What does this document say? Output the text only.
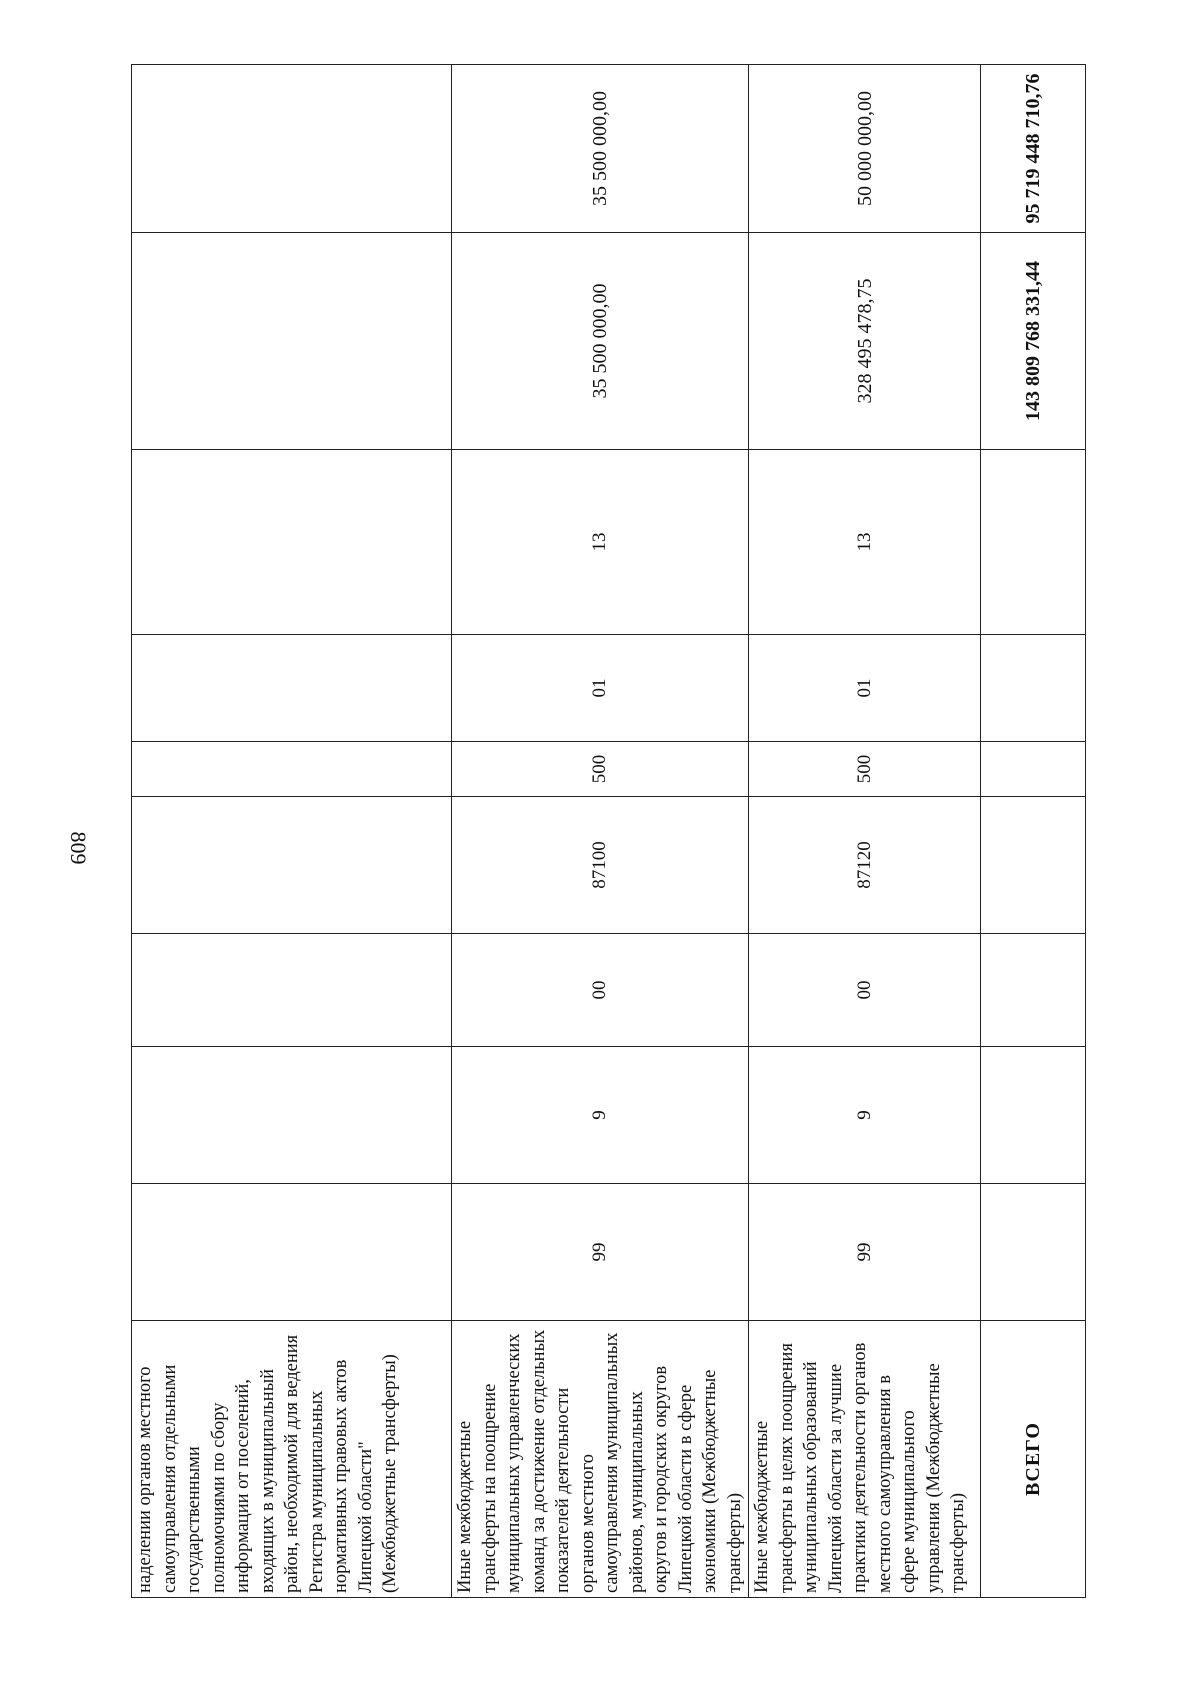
809
наделении органов местного самоуправления отдельными государственными полномочиями по сбору информации от поселений, входящих в муниципальный район, необходимой для ведения Регистра муниципальных нормативных правовых актов Липецкой области" (Межбюджетные трансферты)										
Иные межбюджетные трансферты на поощрение муниципальных управленческих команд за достижение отдельных показателей деятельности органов местного самоуправления муниципальных районов, муниципальных округов и городских округов Липецкой области в сфере экономики (Межбюджетные трансферты)	99	9	00	87100	500	01	13	35 500 000,00	35 500 000,00	
Иные межбюджетные трансферты в целях поощрения муниципальных образований Липецкой области за лучшие практики деятельности органов местного самоуправления в сфере муниципального управления (Межбюджетные трансферты)	99	9	00	87120	500	01	13	328 495 478,75	50 000 000,00	
ВСЕГО								143 809 768 331,44	95 719 448 710,76	
